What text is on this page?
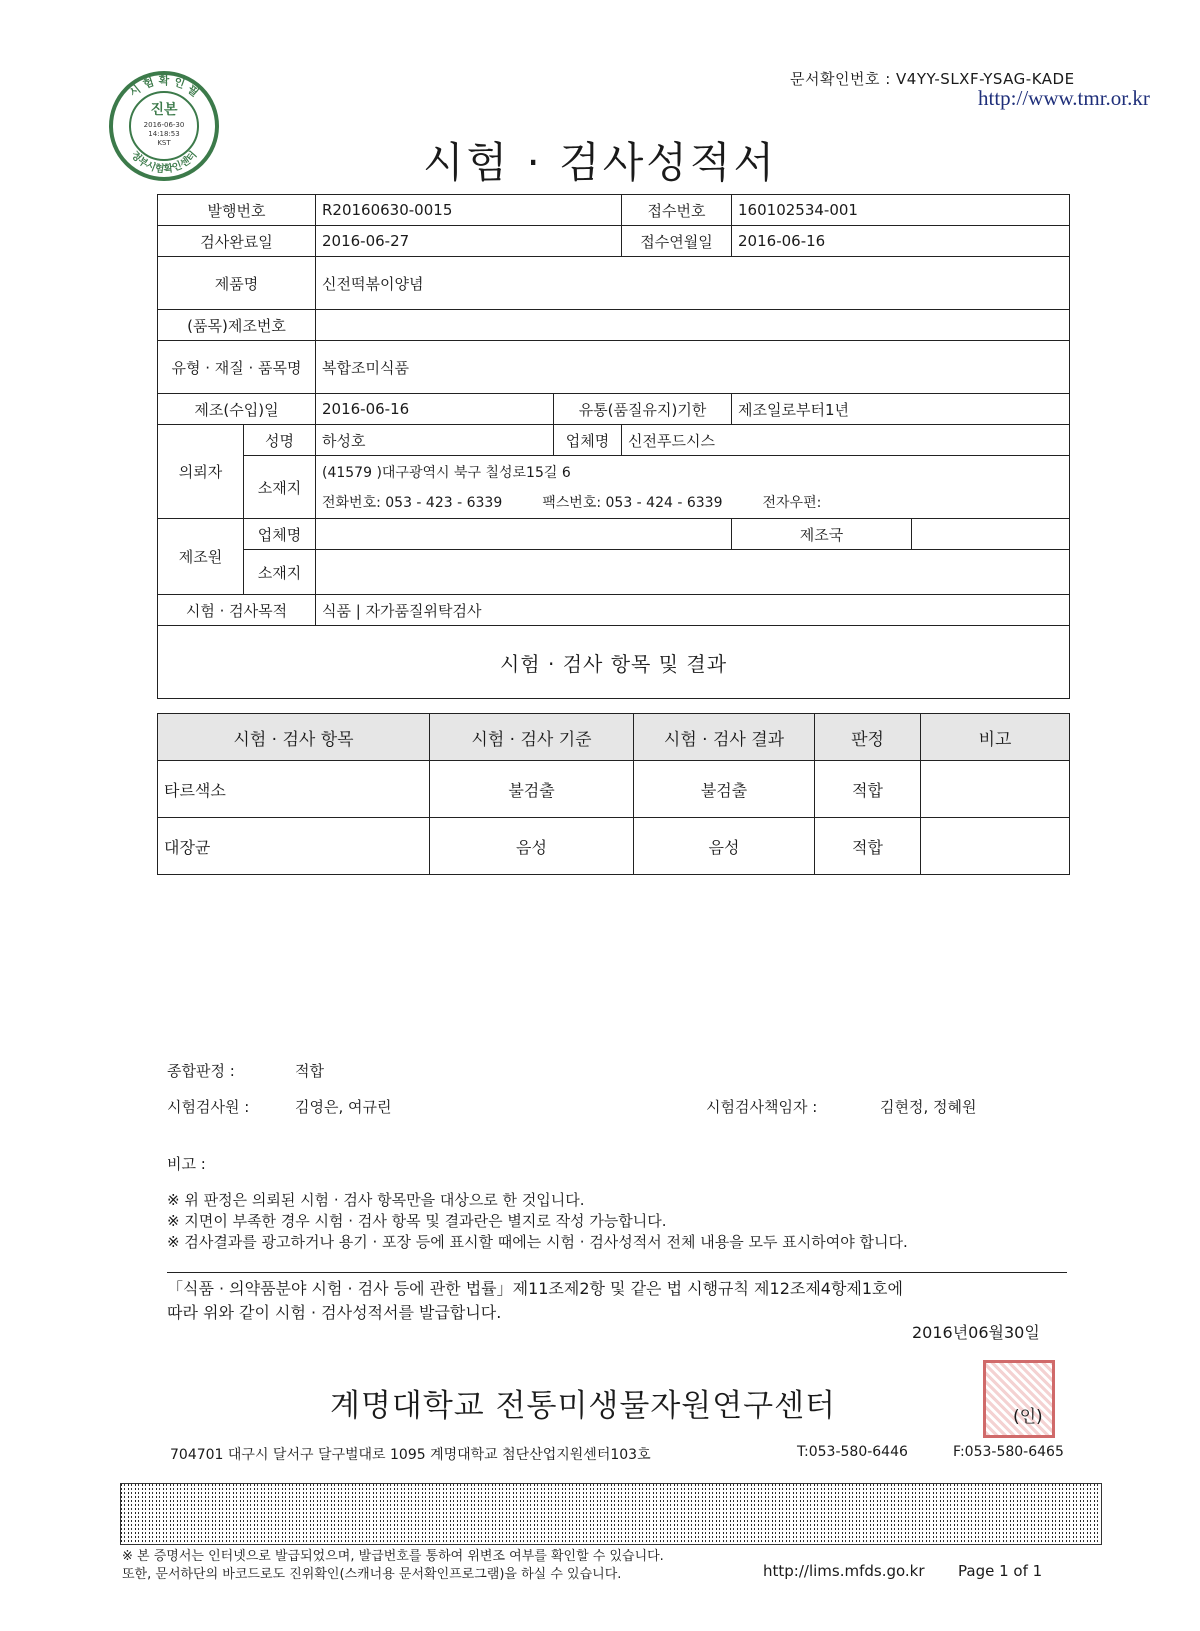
문서확인번호 : V4YY-SLXF-YSAG-KADE
http://www.tmr.or.kr
시 험 확 인 필
정부시험확인센터
진본
2016-06-30
14:18:53
KST	시험 · 검사성적서
발행번호		R20160630-0015		접수번호	160102534-001	
검사완료일		2016-06-27		접수연월일	2016-06-16	
제품명		신전떡볶이양념				
(품목)제조번호						
유형 · 재질 · 품목명		복합조미식품				
제조(수입)일		2016-06-16	유통(품질유지)기한		제조일로부터1년	
의뢰자	성명	하성호	업체명	신전푸드시스		
	소재지	(41579 )대구광역시 북구 칠성로15길 6
전화번호: 053 - 423 - 6339 팩스번호: 053 - 424 - 6339 전자우편:				

제조원	업체명				제조국	
	소재지					
시험 · 검사목적		식품 | 자가품질위탁검사				
시험 · 검사 항목 및 결과						
시험 · 검사 항목	시험 · 검사 기준	시험 · 검사 결과	판정	비고
타르색소	불검출	불검출	적합	
대장균	음성	음성	적합	
종합판정 :	적합
시험검사원 :	김영은, 여규린	시험검사책임자 :	김현정, 정혜원
비고 :
※ 위 판정은 의뢰된 시험 · 검사 항목만을 대상으로 한 것입니다.
※ 지면이 부족한 경우 시험 · 검사 항목 및 결과란은 별지로 작성 가능합니다.
※ 검사결과를 광고하거나 용기 · 포장 등에 표시할 때에는 시험 · 검사성적서 전체 내용을 모두 표시하여야 합니다.
「식품 · 의약품분야 시험 · 검사 등에 관한 법률」제11조제2항 및 같은 법 시행규칙 제12조제4항제1호에
따라 위와 같이 시험 · 검사성적서를 발급합니다.
2016년06월30일
계명대학교 전통미생물자원연구센터	(인)
704701 대구시 달서구 달구벌대로 1095 계명대학교 첨단산업지원센터103호	T:053-580-6446	F:053-580-6465
※ 본 증명서는 인터넷으로 발급되었으며, 발급번호를 통하여 위변조 여부를 확인할 수 있습니다.
또한, 문서하단의 바코드로도 진위확인(스캐너용 문서확인프로그램)을 하실 수 있습니다.	http://lims.mfds.go.kr Page 1 of 1
